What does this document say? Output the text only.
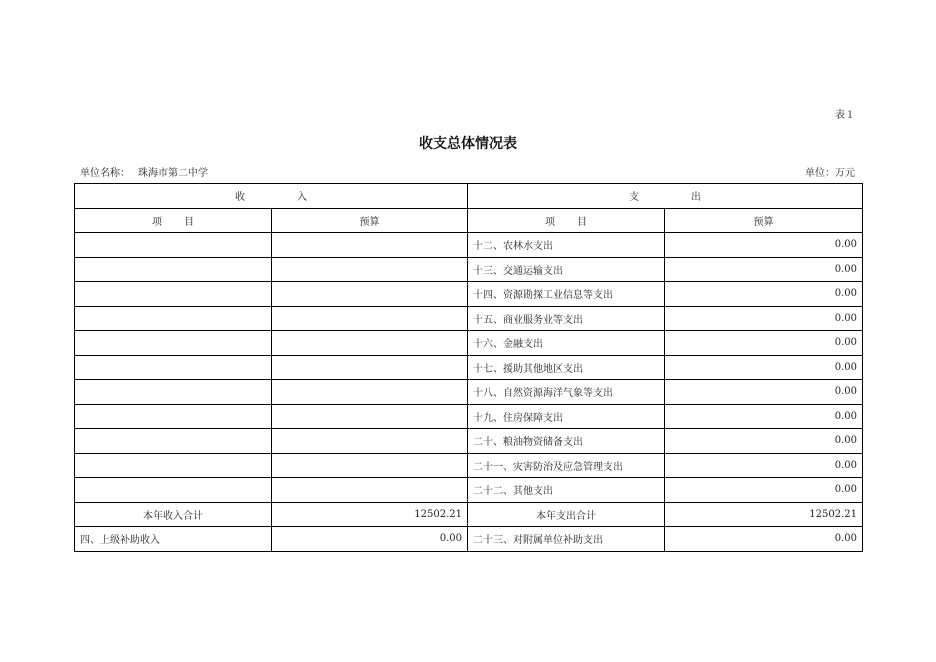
表１
收支总体情况表
单位名称： 珠海市第二中学	单位：万元
收 入		支 出	
项 目	预算	项 目	预算
		十二、农林水支出	0.00
		十三、交通运输支出	0.00
		十四、资源勘探工业信息等支出	0.00
		十五、商业服务业等支出	0.00
		十六、金融支出	0.00
		十七、援助其他地区支出	0.00
		十八、自然资源海洋气象等支出	0.00
		十九、住房保障支出	0.00
		二十、粮油物资储备支出	0.00
		二十一、灾害防治及应急管理支出	0.00
		二十二、其他支出	0.00
本年收入合计	12502.21	本年支出合计	12502.21
四、上级补助收入	0.00	二十三、对附属单位补助支出	0.00
